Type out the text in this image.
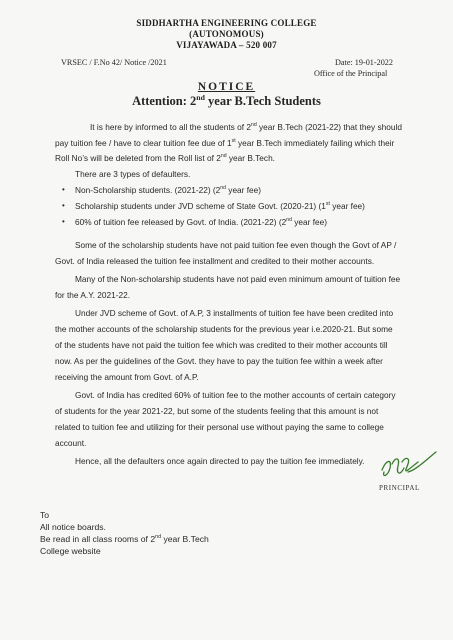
SIDDHARTHA ENGINEERING COLLEGE
(AUTONOMOUS)
VIJAYAWADA – 520 007
VRSEC / F.No 42/ Notice /2021	Date: 19-01-2022
Office of the Principal
NOTICE
Attention: 2nd year B.Tech Students
It is here by informed to all the students of 2nd year B.Tech (2021-22) that they should
pay tuition fee / have to clear tuition fee due of 1st year B.Tech immediately failing which their
Roll No’s will be deleted from the Roll list of 2nd year B.Tech.
There are 3 types of defaulters.
• Non-Scholarship students. (2021-22) (2nd year fee)
• Scholarship students under JVD scheme of State Govt. (2020-21) (1st year fee)
• 60% of tuition fee released by Govt. of India. (2021-22) (2nd year fee)
Some of the scholarship students have not paid tuition fee even though the Govt of AP /
Govt. of India released the tuition fee installment and credited to their mother accounts.
Many of the Non-scholarship students have not paid even minimum amount of tuition fee
for the A.Y. 2021-22.
Under JVD scheme of Govt. of A.P, 3 installments of tuition fee have been credited into
the mother accounts of the scholarship students for the previous year i.e.2020-21. But some
of the students have not paid the tuition fee which was credited to their mother accounts till
now. As per the guidelines of the Govt. they have to pay the tuition fee within a week after
receiving the amount from Govt. of A.P.
Govt. of India has credited 60% of tuition fee to the mother accounts of certain category
of students for the year 2021-22, but some of the students feeling that this amount is not
related to tuition fee and utilizing for their personal use without paying the same to college
account.
Hence, all the defaulters once again directed to pay the tuition fee immediately.
PRINCIPAL
To
All notice boards.
Be read in all class rooms of 2nd year B.Tech
College website
